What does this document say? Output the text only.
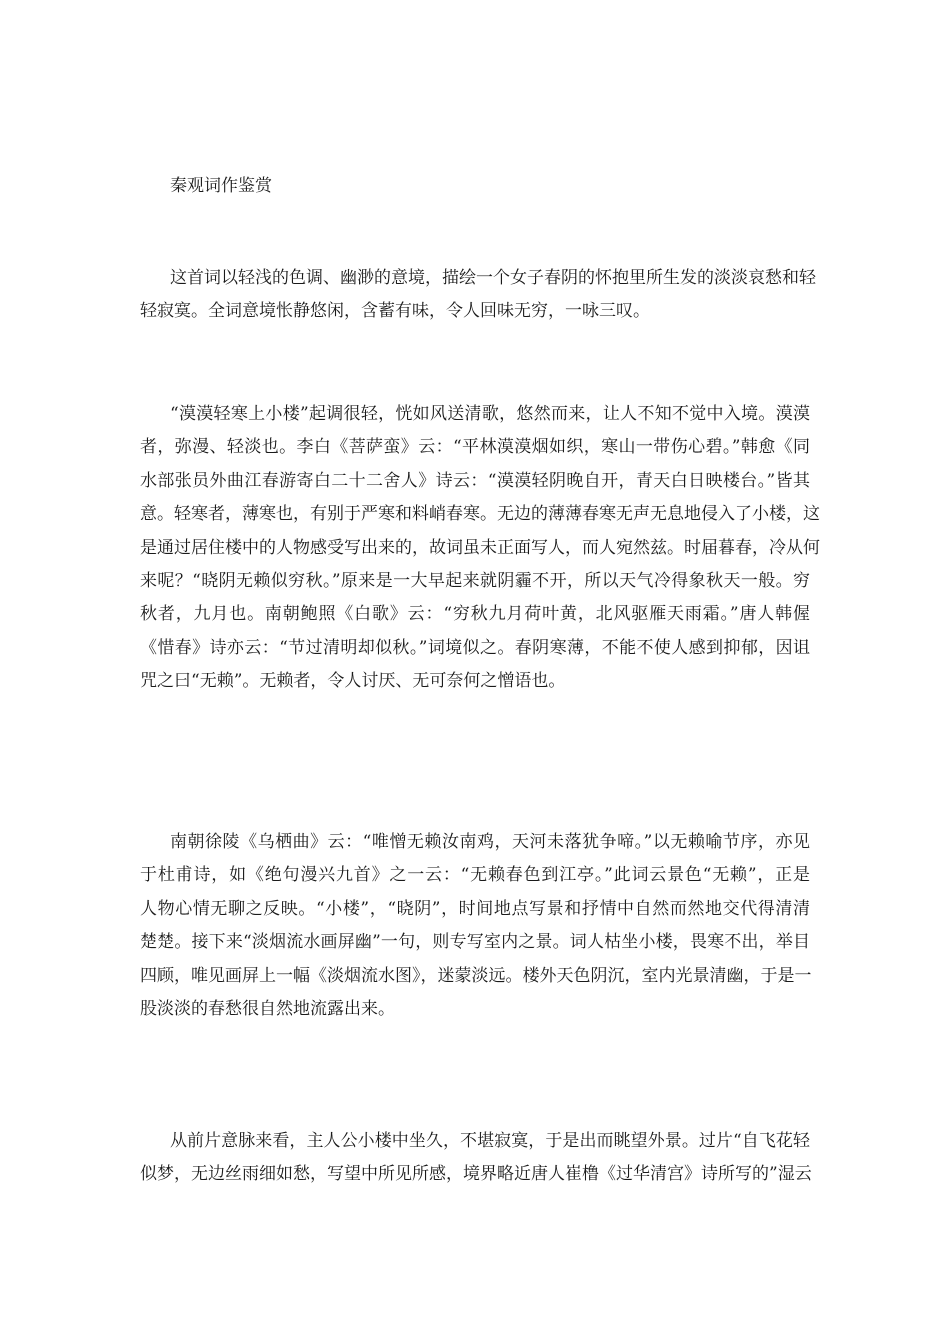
秦观词作鉴赏
这首词以轻浅的色调、幽渺的意境，描绘一个女子春阴的怀抱里所生发的淡淡哀愁和轻
轻寂寞。全词意境怅静悠闲，含蓄有味，令人回味无穷，一咏三叹。
“漠漠轻寒上小楼”起调很轻，恍如风送清歌，悠然而来，让人不知不觉中入境。漠漠
者，弥漫、轻淡也。李白《菩萨蛮》云：“平林漠漠烟如织，寒山一带伤心碧。”韩愈《同
水部张员外曲江春游寄白二十二舍人》诗云：“漠漠轻阴晚自开，青天白日映楼台。”皆其
意。轻寒者，薄寒也，有别于严寒和料峭春寒。无边的薄薄春寒无声无息地侵入了小楼，这
是通过居住楼中的人物感受写出来的，故词虽未正面写人，而人宛然兹。时届暮春，冷从何
来呢？“晓阴无赖似穷秋。”原来是一大早起来就阴霾不开，所以天气冷得象秋天一般。穷
秋者，九月也。南朝鲍照《白歌》云：“穷秋九月荷叶黄，北风驱雁天雨霜。”唐人韩偓
《惜春》诗亦云：“节过清明却似秋。”词境似之。春阴寒薄，不能不使人感到抑郁，因诅
咒之曰“无赖”。无赖者，令人讨厌、无可奈何之憎语也。
南朝徐陵《乌栖曲》云：“唯憎无赖汝南鸡，天河未落犹争啼。”以无赖喻节序，亦见
于杜甫诗，如《绝句漫兴九首》之一云：“无赖春色到江亭。”此词云景色“无赖”，正是
人物心情无聊之反映。“小楼”，“晓阴”，时间地点写景和抒情中自然而然地交代得清清
楚楚。接下来“淡烟流水画屏幽”一句，则专写室内之景。词人枯坐小楼，畏寒不出，举目
四顾，唯见画屏上一幅《淡烟流水图》，迷蒙淡远。楼外天色阴沉，室内光景清幽，于是一
股淡淡的春愁很自然地流露出来。
从前片意脉来看，主人公小楼中坐久，不堪寂寞，于是出而眺望外景。过片“自飞花轻
似梦，无边丝雨细如愁，写望中所见所感，境界略近唐人崔橹《过华清宫》诗所写的”湿云
